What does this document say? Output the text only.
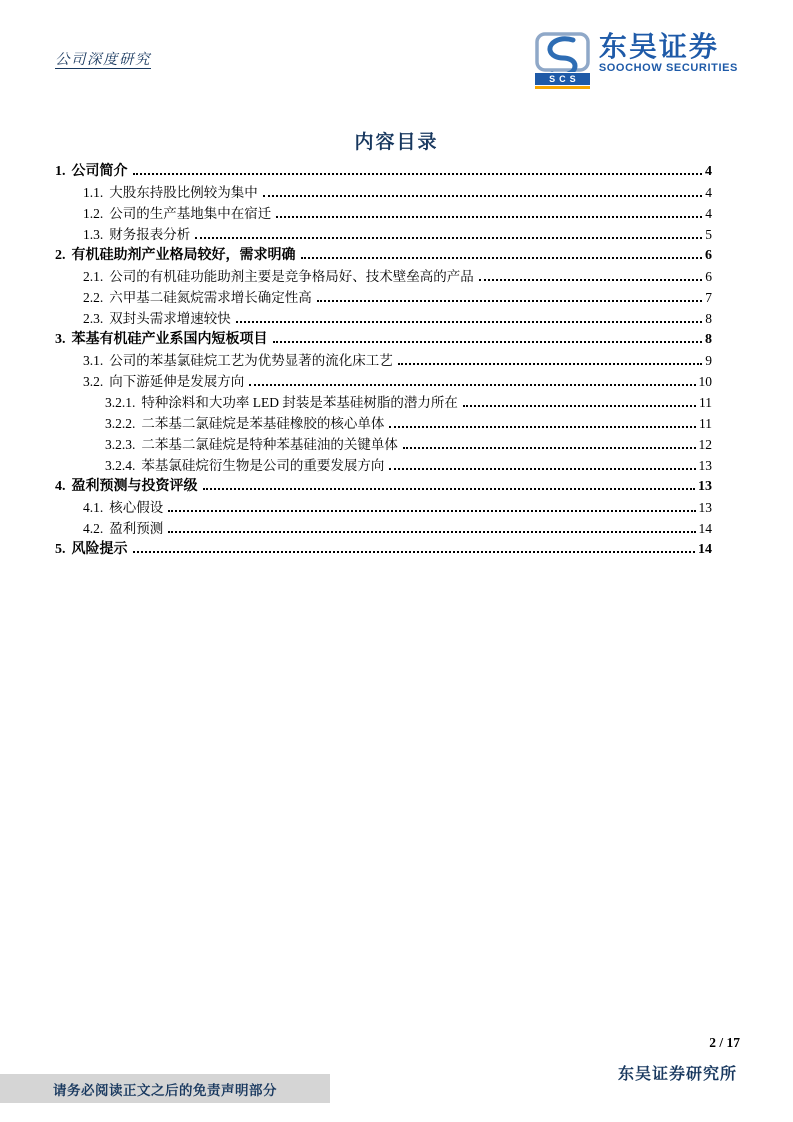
公司深度研究
SCS
东吴证券
SOOCHOW SECURITIES
内容目录
1. 公司简介	4
1.1. 大股东持股比例较为集中	4
1.2. 公司的生产基地集中在宿迁	4
1.3. 财务报表分析	5
2. 有机硅助剂产业格局较好，需求明确	6
2.1. 公司的有机硅功能助剂主要是竞争格局好、技术壁垒高的产品	6
2.2. 六甲基二硅氮烷需求增长确定性高	7
2.3. 双封头需求增速较快	8
3. 苯基有机硅产业系国内短板项目	8
3.1. 公司的苯基氯硅烷工艺为优势显著的流化床工艺	9
3.2. 向下游延伸是发展方向	10
3.2.1. 特种涂料和大功率 LED 封装是苯基硅树脂的潜力所在	11
3.2.2. 二苯基二氯硅烷是苯基硅橡胶的核心单体	11
3.2.3. 二苯基二氯硅烷是特种苯基硅油的关键单体	12
3.2.4. 苯基氯硅烷衍生物是公司的重要发展方向	13
4. 盈利预测与投资评级	13
4.1. 核心假设	13
4.2. 盈利预测	14
5. 风险提示	14
2 / 17
东吴证券研究所
请务必阅读正文之后的免责声明部分
